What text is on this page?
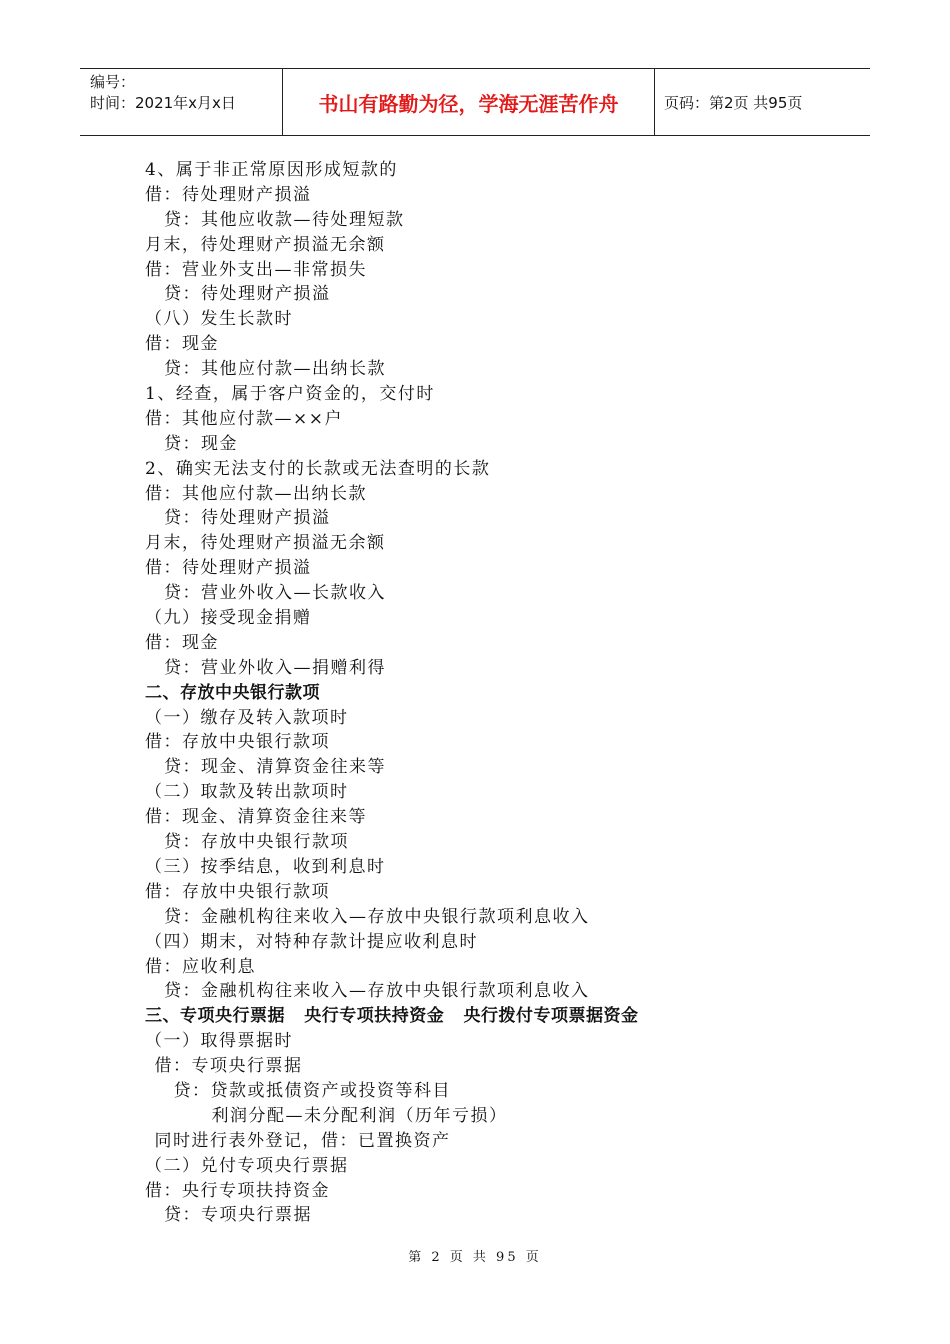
编号：
时间：2021年x月x日	书山有路勤为径，学海无涯苦作舟	页码：第2页 共95页
4、属于非正常原因形成短款的
借：待处理财产损溢
贷：其他应收款—待处理短款
月末，待处理财产损溢无余额
借：营业外支出—非常损失
贷：待处理财产损溢
（八）发生长款时
借：现金
贷：其他应付款—出纳长款
1、经查，属于客户资金的，交付时
借：其他应付款—××户
贷：现金
2、确实无法支付的长款或无法查明的长款
借：其他应付款—出纳长款
贷：待处理财产损溢
月末，待处理财产损溢无余额
借：待处理财产损溢
贷：营业外收入—长款收入
（九）接受现金捐赠
借：现金
贷：营业外收入—捐赠利得
二、存放中央银行款项
（一）缴存及转入款项时
借：存放中央银行款项
贷：现金、清算资金往来等
（二）取款及转出款项时
借：现金、清算资金往来等
贷：存放中央银行款项
（三）按季结息，收到利息时
借：存放中央银行款项
贷：金融机构往来收入—存放中央银行款项利息收入
（四）期末，对特种存款计提应收利息时
借：应收利息
贷：金融机构往来收入—存放中央银行款项利息收入
三、专项央行票据   央行专项扶持资金   央行拨付专项票据资金
（一）取得票据时
借：专项央行票据
贷：贷款或抵债资产或投资等科目
利润分配—未分配利润（历年亏损）
同时进行表外登记，借：已置换资产
（二）兑付专项央行票据
借：央行专项扶持资金
贷：专项央行票据
第 2 页 共 95 页
